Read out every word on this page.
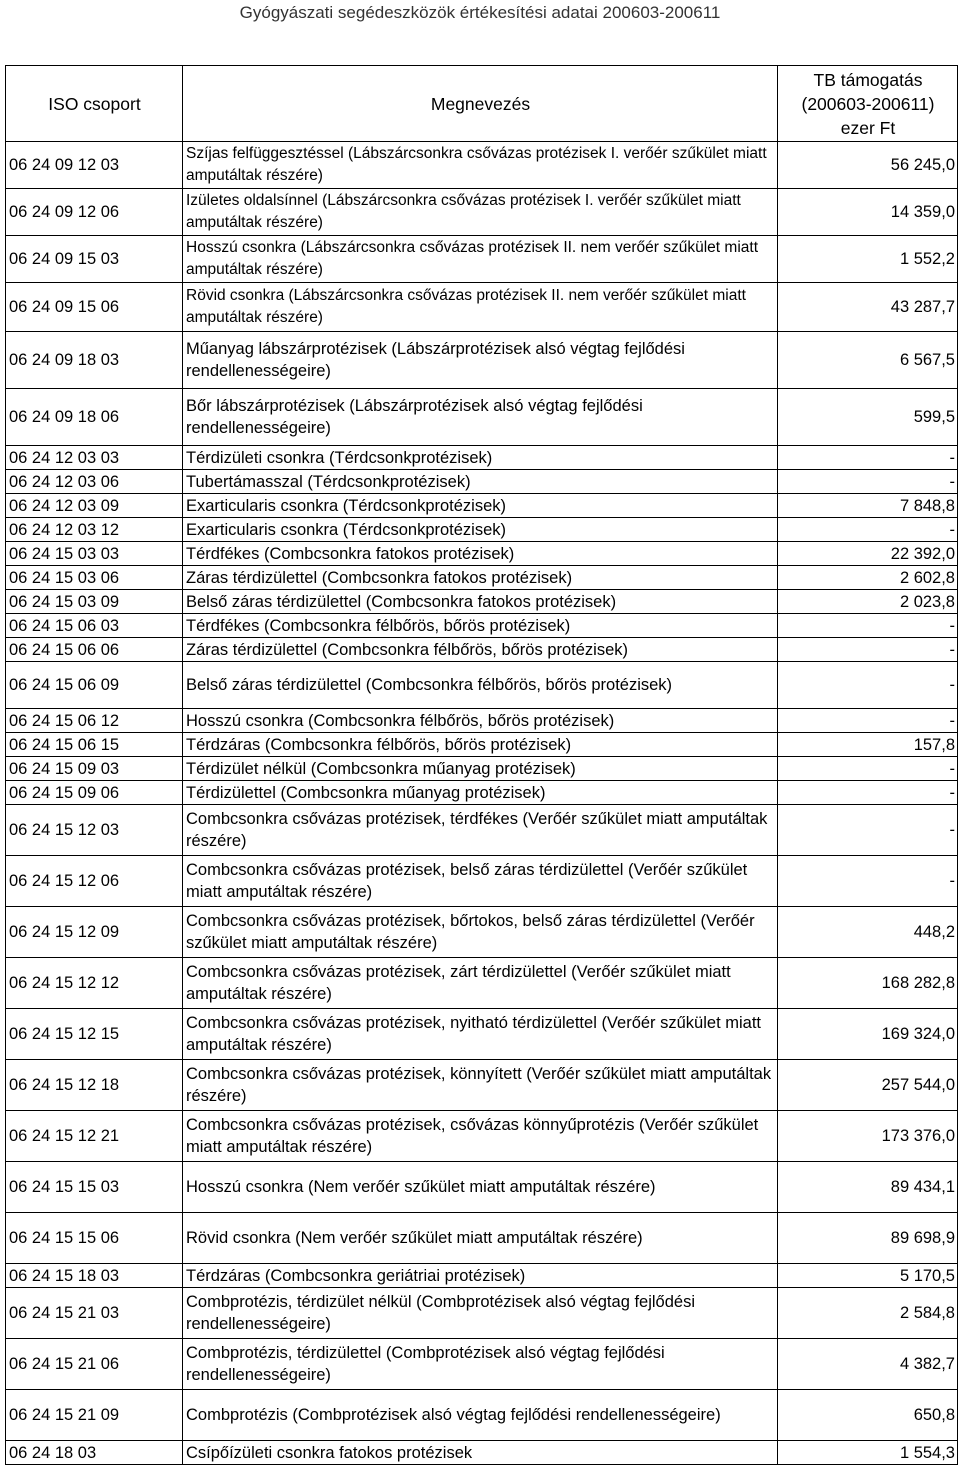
Gyógyászati segédeszközök értékesítési adatai 200603-200611
ISO csoport	Megnevezés	TB támogatás
(200603-200611)
ezer Ft
06 24 09 12 03	Szíjas felfüggesztéssel (Lábszárcsonkra csővázas protézisek I. verőér szűkület miatt amputáltak részére)	56 245,0
06 24 09 12 06	Izületes oldalsínnel (Lábszárcsonkra csővázas protézisek I. verőér szűkület miatt amputáltak részére)	14 359,0
06 24 09 15 03	Hosszú csonkra (Lábszárcsonkra csővázas protézisek II. nem verőér szűkület miatt amputáltak részére)	1 552,2
06 24 09 15 06	Rövid csonkra (Lábszárcsonkra csővázas protézisek II. nem verőér szűkület miatt amputáltak részére)	43 287,7
06 24 09 18 03	Műanyag lábszárprotézisek (Lábszárprotézisek alsó végtag fejlődési rendellenességeire)	6 567,5
06 24 09 18 06	Bőr lábszárprotézisek (Lábszárprotézisek alsó végtag fejlődési rendellenességeire)	599,5
06 24 12 03 03	Térdizületi csonkra (Térdcsonkprotézisek)	-
06 24 12 03 06	Tubertámasszal (Térdcsonkprotézisek)	-
06 24 12 03 09	Exarticularis csonkra (Térdcsonkprotézisek)	7 848,8
06 24 12 03 12	Exarticularis csonkra (Térdcsonkprotézisek)	-
06 24 15 03 03	Térdfékes (Combcsonkra fatokos protézisek)	22 392,0
06 24 15 03 06	Záras térdizülettel (Combcsonkra fatokos protézisek)	2 602,8
06 24 15 03 09	Belső záras térdizülettel (Combcsonkra fatokos protézisek)	2 023,8
06 24 15 06 03	Térdfékes (Combcsonkra félbőrös, bőrös protézisek)	-
06 24 15 06 06	Záras térdizülettel (Combcsonkra félbőrös, bőrös protézisek)	-
06 24 15 06 09	Belső záras térdizülettel (Combcsonkra félbőrös, bőrös protézisek)	-
06 24 15 06 12	Hosszú csonkra (Combcsonkra félbőrös, bőrös protézisek)	-
06 24 15 06 15	Térdzáras (Combcsonkra félbőrös, bőrös protézisek)	157,8
06 24 15 09 03	Térdizület nélkül (Combcsonkra műanyag protézisek)	-
06 24 15 09 06	Térdizülettel (Combcsonkra műanyag protézisek)	-
06 24 15 12 03	Combcsonkra csővázas protézisek, térdfékes (Verőér szűkület miatt amputáltak részére)	-
06 24 15 12 06	Combcsonkra csővázas protézisek, belső záras térdizülettel (Verőér szűkület miatt amputáltak részére)	-
06 24 15 12 09	Combcsonkra csővázas protézisek, bőrtokos, belső záras térdizülettel (Verőér szűkület miatt amputáltak részére)	448,2
06 24 15 12 12	Combcsonkra csővázas protézisek, zárt térdizülettel (Verőér szűkület miatt amputáltak részére)	168 282,8
06 24 15 12 15	Combcsonkra csővázas protézisek, nyitható térdizülettel (Verőér szűkület miatt amputáltak részére)	169 324,0
06 24 15 12 18	Combcsonkra csővázas protézisek, könnyített (Verőér szűkület miatt amputáltak részére)	257 544,0
06 24 15 12 21	Combcsonkra csővázas protézisek, csővázas könnyűprotézis (Verőér szűkület miatt amputáltak részére)	173 376,0
06 24 15 15 03	Hosszú csonkra (Nem verőér szűkület miatt amputáltak részére)	89 434,1
06 24 15 15 06	Rövid csonkra (Nem verőér szűkület miatt amputáltak részére)	89 698,9
06 24 15 18 03	Térdzáras (Combcsonkra geriátriai protézisek)	5 170,5
06 24 15 21 03	Combprotézis, térdizület nélkül (Combprotézisek alsó végtag fejlődési rendellenességeire)	2 584,8
06 24 15 21 06	Combprotézis, térdizülettel (Combprotézisek alsó végtag fejlődési rendellenességeire)	4 382,7
06 24 15 21 09	Combprotézis (Combprotézisek alsó végtag fejlődési rendellenességeire)	650,8
06 24 18 03	Csípőízületi csonkra fatokos protézisek	1 554,3
